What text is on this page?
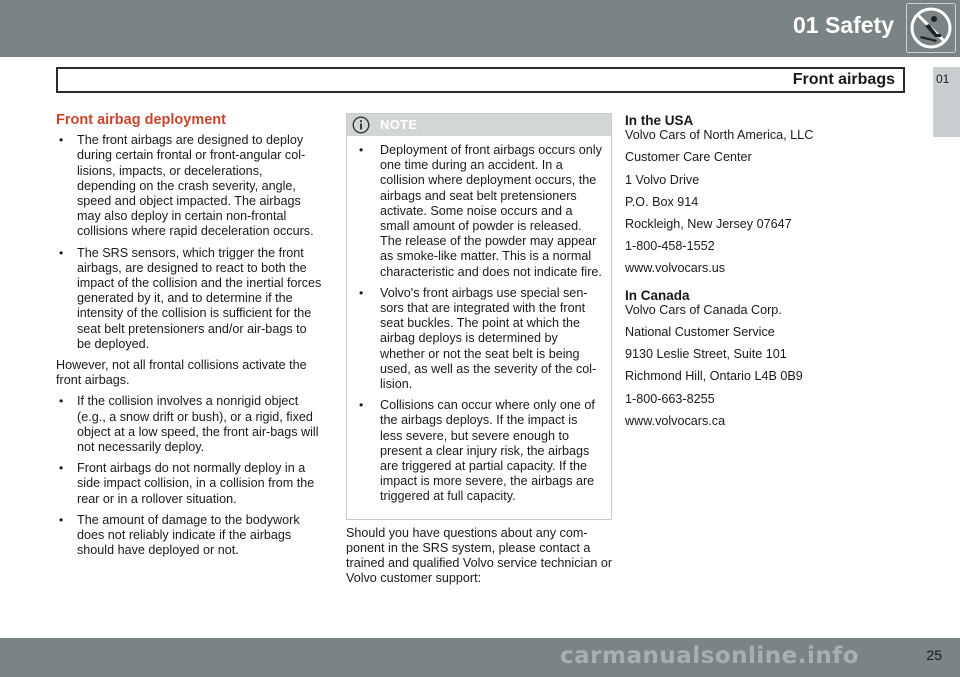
01 Safety
Front airbags	01
Front airbag deployment
• The front airbags are designed to deploy during certain frontal or front-angular col-lisions, impacts, or decelerations, depending on the crash severity, angle, speed and object impacted. The airbags may also deploy in certain non-frontal collisions where rapid deceleration occurs.
• The SRS sensors, which trigger the front airbags, are designed to react to both the impact of the collision and the inertial forces generated by it, and to determine if the intensity of the collision is sufficient for the seat belt pretensioners and/or air-bags to be deployed.

However, not all frontal collisions activate the front airbags.

• If the collision involves a nonrigid object (e.g., a snow drift or bush), or a rigid, fixed object at a low speed, the front air-bags will not necessarily deploy.
• Front airbags do not normally deploy in a side impact collision, in a collision from the rear or in a rollover situation.
• The amount of damage to the bodywork does not reliably indicate if the airbags should have deployed or not.
NOTE
• Deployment of front airbags occurs only one time during an accident. In a collision where deployment occurs, the airbags and seat belt pretensioners activate. Some noise occurs and a small amount of powder is released. The release of the powder may appear as smoke-like matter. This is a normal characteristic and does not indicate fire.
• Volvo's front airbags use special sen-sors that are integrated with the front seat buckles. The point at which the airbag deploys is determined by whether or not the seat belt is being used, as well as the severity of the col-lision.
• Collisions can occur where only one of the airbags deploys. If the impact is less severe, but severe enough to present a clear injury risk, the airbags are triggered at partial capacity. If the impact is more severe, the airbags are triggered at full capacity.

Should you have questions about any com-ponent in the SRS system, please contact a trained and qualified Volvo service technician or Volvo customer support:

In the USA
Volvo Cars of North America, LLC
Customer Care Center
1 Volvo Drive
P.O. Box 914
Rockleigh, New Jersey 07647
1-800-458-1552
www.volvocars.us
In Canada
Volvo Cars of Canada Corp.
National Customer Service
9130 Leslie Street, Suite 101
Richmond Hill, Ontario L4B 0B9
1-800-663-8255
www.volvocars.ca
25
carmanualsonline.info
